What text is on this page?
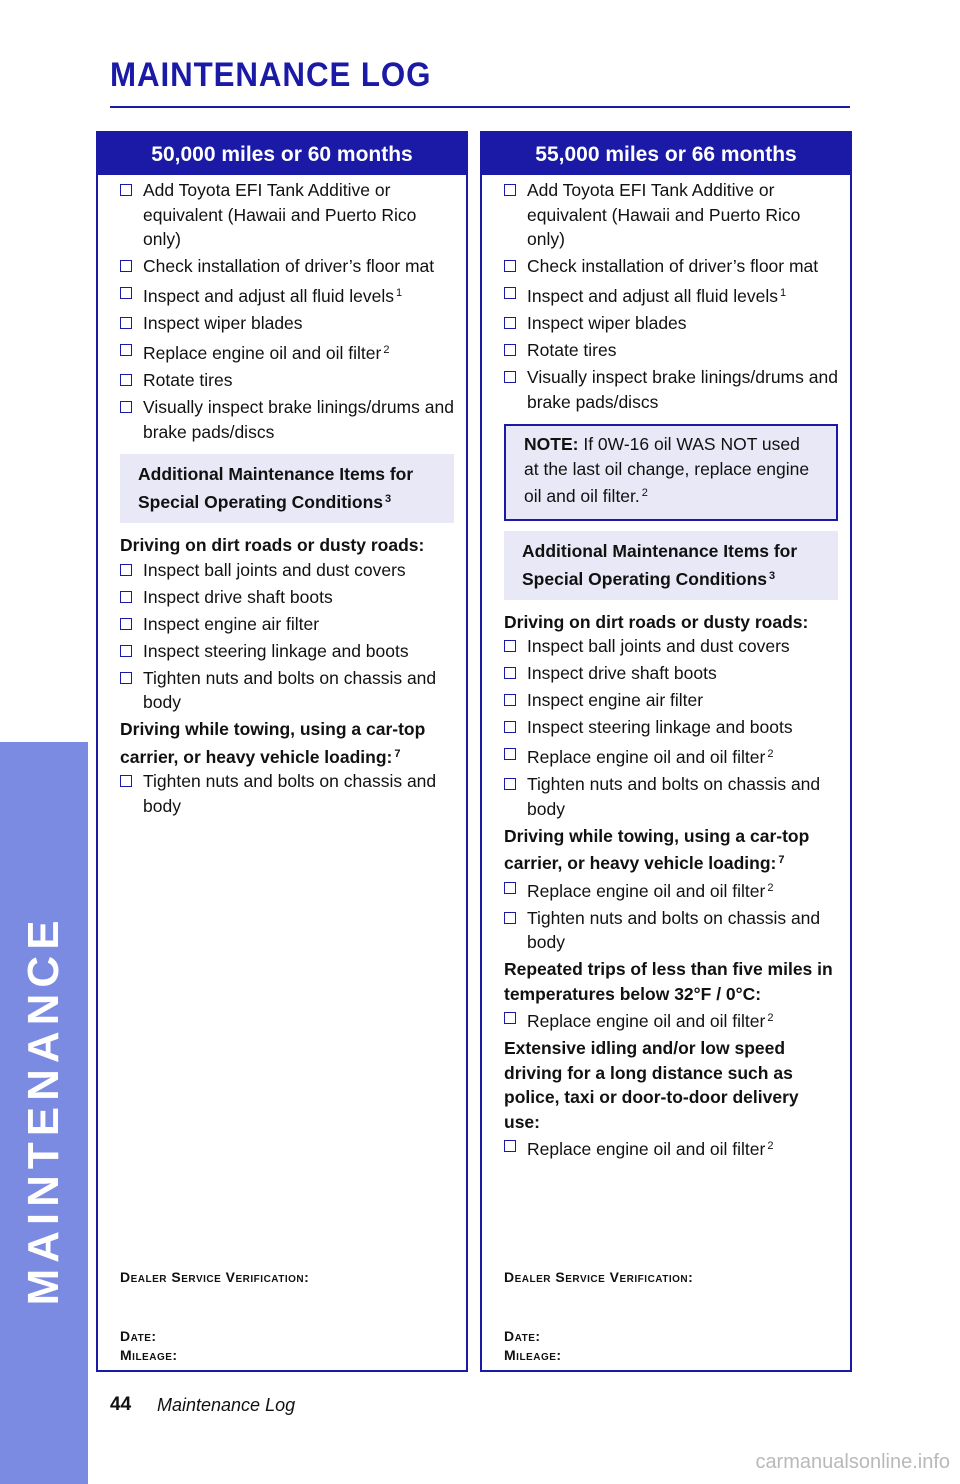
MAINTENANCE
MAINTENANCE LOG
50,000 miles or 60 months
Add Toyota EFI Tank Additive or equivalent (Hawaii and Puerto Rico only)
Check installation of driver’s floor mat
Inspect and adjust all fluid levels $^1$
Inspect wiper blades
Replace engine oil and oil filter $^2$
Rotate tires
Visually inspect brake linings/drums and brake pads/discs
Additional Maintenance Items for Special Operating Conditions $^3$
Driving on dirt roads or dusty roads:
Inspect ball joints and dust covers
Inspect drive shaft boots
Inspect engine air filter
Inspect steering linkage and boots
Tighten nuts and bolts on chassis and body
Driving while towing, using a car-top carrier, or heavy vehicle loading: $^7$
Tighten nuts and bolts on chassis and body
Dealer Service Verification:
Date:
Mileage:
55,000 miles or 66 months
Add Toyota EFI Tank Additive or equivalent (Hawaii and Puerto Rico only)
Check installation of driver’s floor mat
Inspect and adjust all fluid levels $^1$
Inspect wiper blades
Rotate tires
Visually inspect brake linings/drums and brake pads/discs
NOTE: If 0W-16 oil WAS NOT used at the last oil change, replace engine oil and oil filter. $^2$
Additional Maintenance Items for Special Operating Conditions $^3$
Driving on dirt roads or dusty roads:
Inspect ball joints and dust covers
Inspect drive shaft boots
Inspect engine air filter
Inspect steering linkage and boots
Replace engine oil and oil filter $^2$
Tighten nuts and bolts on chassis and body
Driving while towing, using a car-top carrier, or heavy vehicle loading: $^7$
Replace engine oil and oil filter $^2$
Tighten nuts and bolts on chassis and body
Repeated trips of less than five miles in temperatures below 32°F / 0°C:
Replace engine oil and oil filter $^2$
Extensive idling and/or low speed driving for a long distance such as police, taxi or door-to-door delivery use:
Replace engine oil and oil filter $^2$
Dealer Service Verification:
Date:
Mileage:
44 Maintenance Log
carmanualsonline.info
